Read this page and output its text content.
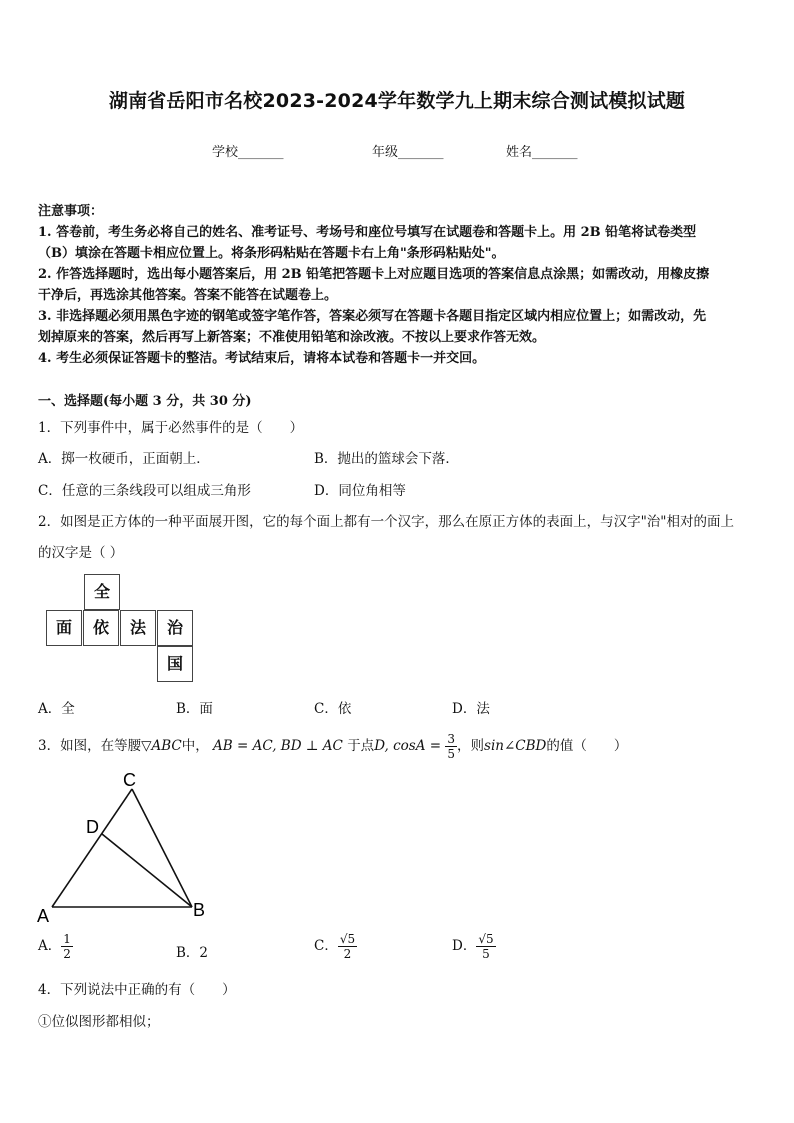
湖南省岳阳市名校2023-2024学年数学九上期末综合测试模拟试题
学校_______	年级_______	姓名_______
注意事项：
1. 答卷前，考生务必将自己的姓名、准考证号、考场号和座位号填写在试题卷和答题卡上。用 2B 铅笔将试卷类型
（B）填涂在答题卡相应位置上。将条形码粘贴在答题卡右上角"条形码粘贴处"。
2. 作答选择题时，选出每小题答案后，用 2B 铅笔把答题卡上对应题目选项的答案信息点涂黑；如需改动，用橡皮擦
干净后，再选涂其他答案。答案不能答在试题卷上。
3. 非选择题必须用黑色字迹的钢笔或签字笔作答，答案必须写在答题卡各题目指定区域内相应位置上；如需改动，先
划掉原来的答案，然后再写上新答案；不准使用铅笔和涂改液。不按以上要求作答无效。
4. 考生必须保证答题卡的整洁。考试结束后，请将本试卷和答题卡一并交回。
一、选择题(每小题 3 分，共 30 分)
1．下列事件中，属于必然事件的是（　　）
A．掷一枚硬币，正面朝上．	B．抛出的篮球会下落．
C．任意的三条线段可以组成三角形	D．同位角相等
2．如图是正方体的一种平面展开图，它的每个面上都有一个汉字，那么在原正方体的表面上，与汉字"治"相对的面上
的汉字是（ ）
全
面	依	法	治
国
A．全	B．面	C．依	D．法
3．如图，在等腰▽ABC中， AB = AC, BD ⊥ AC 于点D, $\cos A = \frac{3}{5}$ ，则sin∠CBD的值（　　）
C
D
A	B
A． $\frac{1}{2}$	B．2	C． $\frac{√5}{2}$	D． $\frac{√5}{5}$
4．下列说法中正确的有（　　）
①位似图形都相似；
